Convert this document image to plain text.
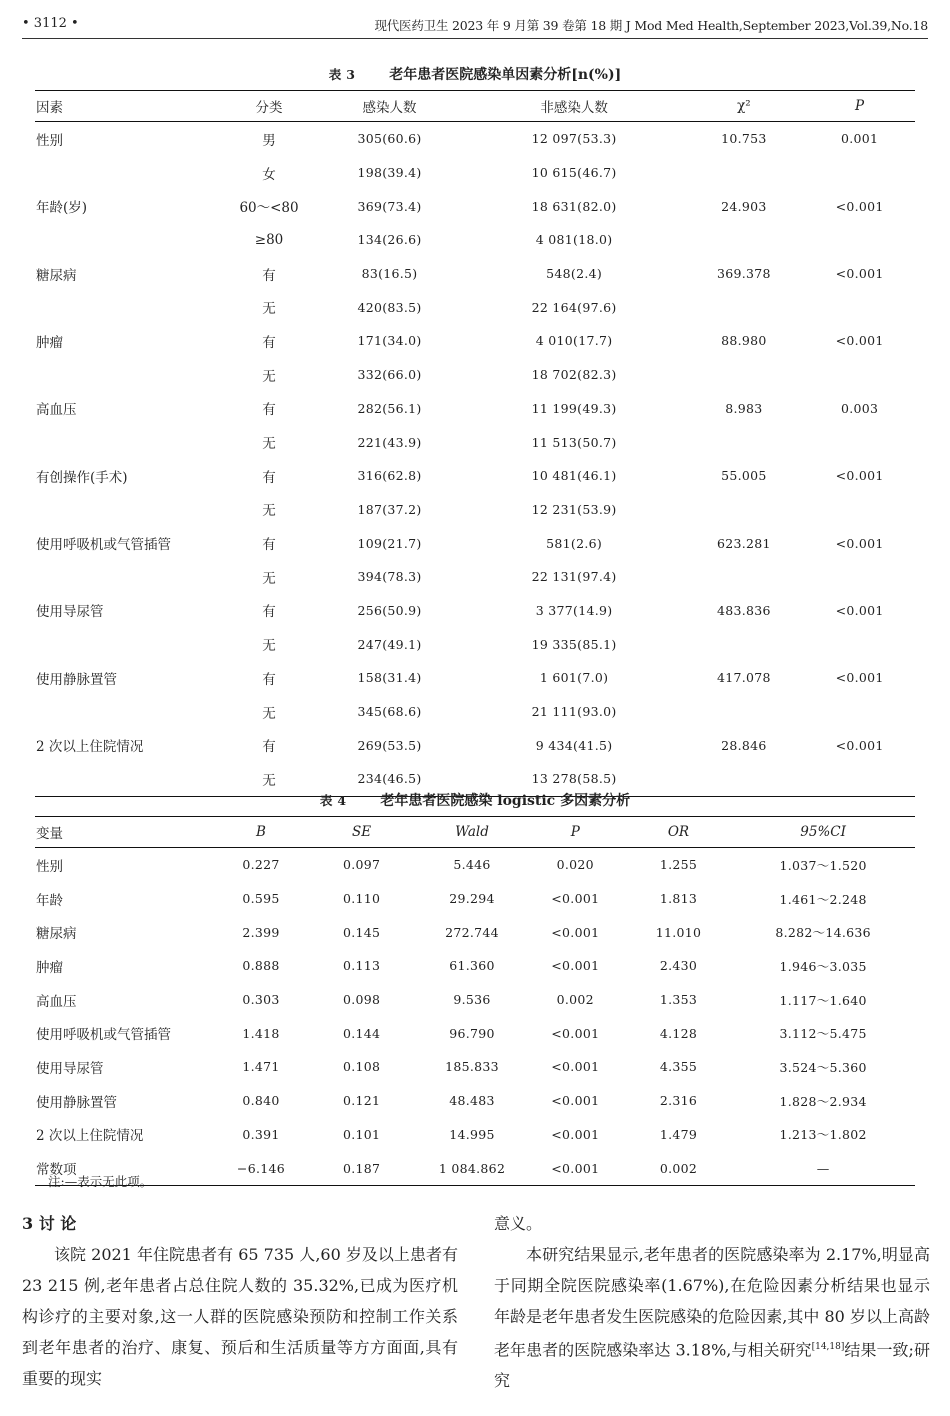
• 3112 •	现代医药卫生 2023 年 9 月第 39 卷第 18 期 J Mod Med Health,September 2023,Vol.39,No.18
表 3 老年患者医院感染单因素分析[n(%)]
因素	分类	感染人数	非感染人数	χ²	P
性别	男	305(60.6)	12 097(53.3)	10.753	0.001
	女	198(39.4)	10 615(46.7)		
年龄(岁)	60～<80	369(73.4)	18 631(82.0)	24.903	<0.001
	≥80	134(26.6)	4 081(18.0)		
糖尿病	有	83(16.5)	548(2.4)	369.378	<0.001
	无	420(83.5)	22 164(97.6)		
肿瘤	有	171(34.0)	4 010(17.7)	88.980	<0.001
	无	332(66.0)	18 702(82.3)		
高血压	有	282(56.1)	11 199(49.3)	8.983	0.003
	无	221(43.9)	11 513(50.7)		
有创操作(手术)	有	316(62.8)	10 481(46.1)	55.005	<0.001
	无	187(37.2)	12 231(53.9)		
使用呼吸机或气管插管	有	109(21.7)	581(2.6)	623.281	<0.001
	无	394(78.3)	22 131(97.4)		
使用导尿管	有	256(50.9)	3 377(14.9)	483.836	<0.001
	无	247(49.1)	19 335(85.1)		
使用静脉置管	有	158(31.4)	1 601(7.0)	417.078	<0.001
	无	345(68.6)	21 111(93.0)		
2 次以上住院情况	有	269(53.5)	9 434(41.5)	28.846	<0.001
	无	234(46.5)	13 278(58.5)		
表 4 老年患者医院感染 logistic 多因素分析
变量	B	SE	Wald	P	OR	95%CI
性别	0.227	0.097	5.446	0.020	1.255	1.037～1.520
年龄	0.595	0.110	29.294	<0.001	1.813	1.461～2.248
糖尿病	2.399	0.145	272.744	<0.001	11.010	8.282～14.636
肿瘤	0.888	0.113	61.360	<0.001	2.430	1.946～3.035
高血压	0.303	0.098	9.536	0.002	1.353	1.117～1.640
使用呼吸机或气管插管	1.418	0.144	96.790	<0.001	4.128	3.112～5.475
使用导尿管	1.471	0.108	185.833	<0.001	4.355	3.524～5.360
使用静脉置管	0.840	0.121	48.483	<0.001	2.316	1.828～2.934
2 次以上住院情况	0.391	0.101	14.995	<0.001	1.479	1.213～1.802
常数项	−6.146	0.187	1 084.862	<0.001	0.002	—
注:—表示无此项。

3 讨 论

该院 2021 年住院患者有 65 735 人,60 岁及以上患者有 23 215 例,老年患者占总住院人数的 35.32%,已成为医疗机构诊疗的主要对象,这一人群的医院感染预防和控制工作关系到老年患者的治疗、康复、预后和生活质量等方方面面,具有重要的现实

意义。

本研究结果显示,老年患者的医院感染率为 2.17%,明显高于同期全院医院感染率(1.67%),在危险因素分析结果也显示年龄是老年患者发生医院感染的危险因素,其中 80 岁以上高龄老年患者的医院感染率达 3.18%,与相关研究[14,18]结果一致;研究
